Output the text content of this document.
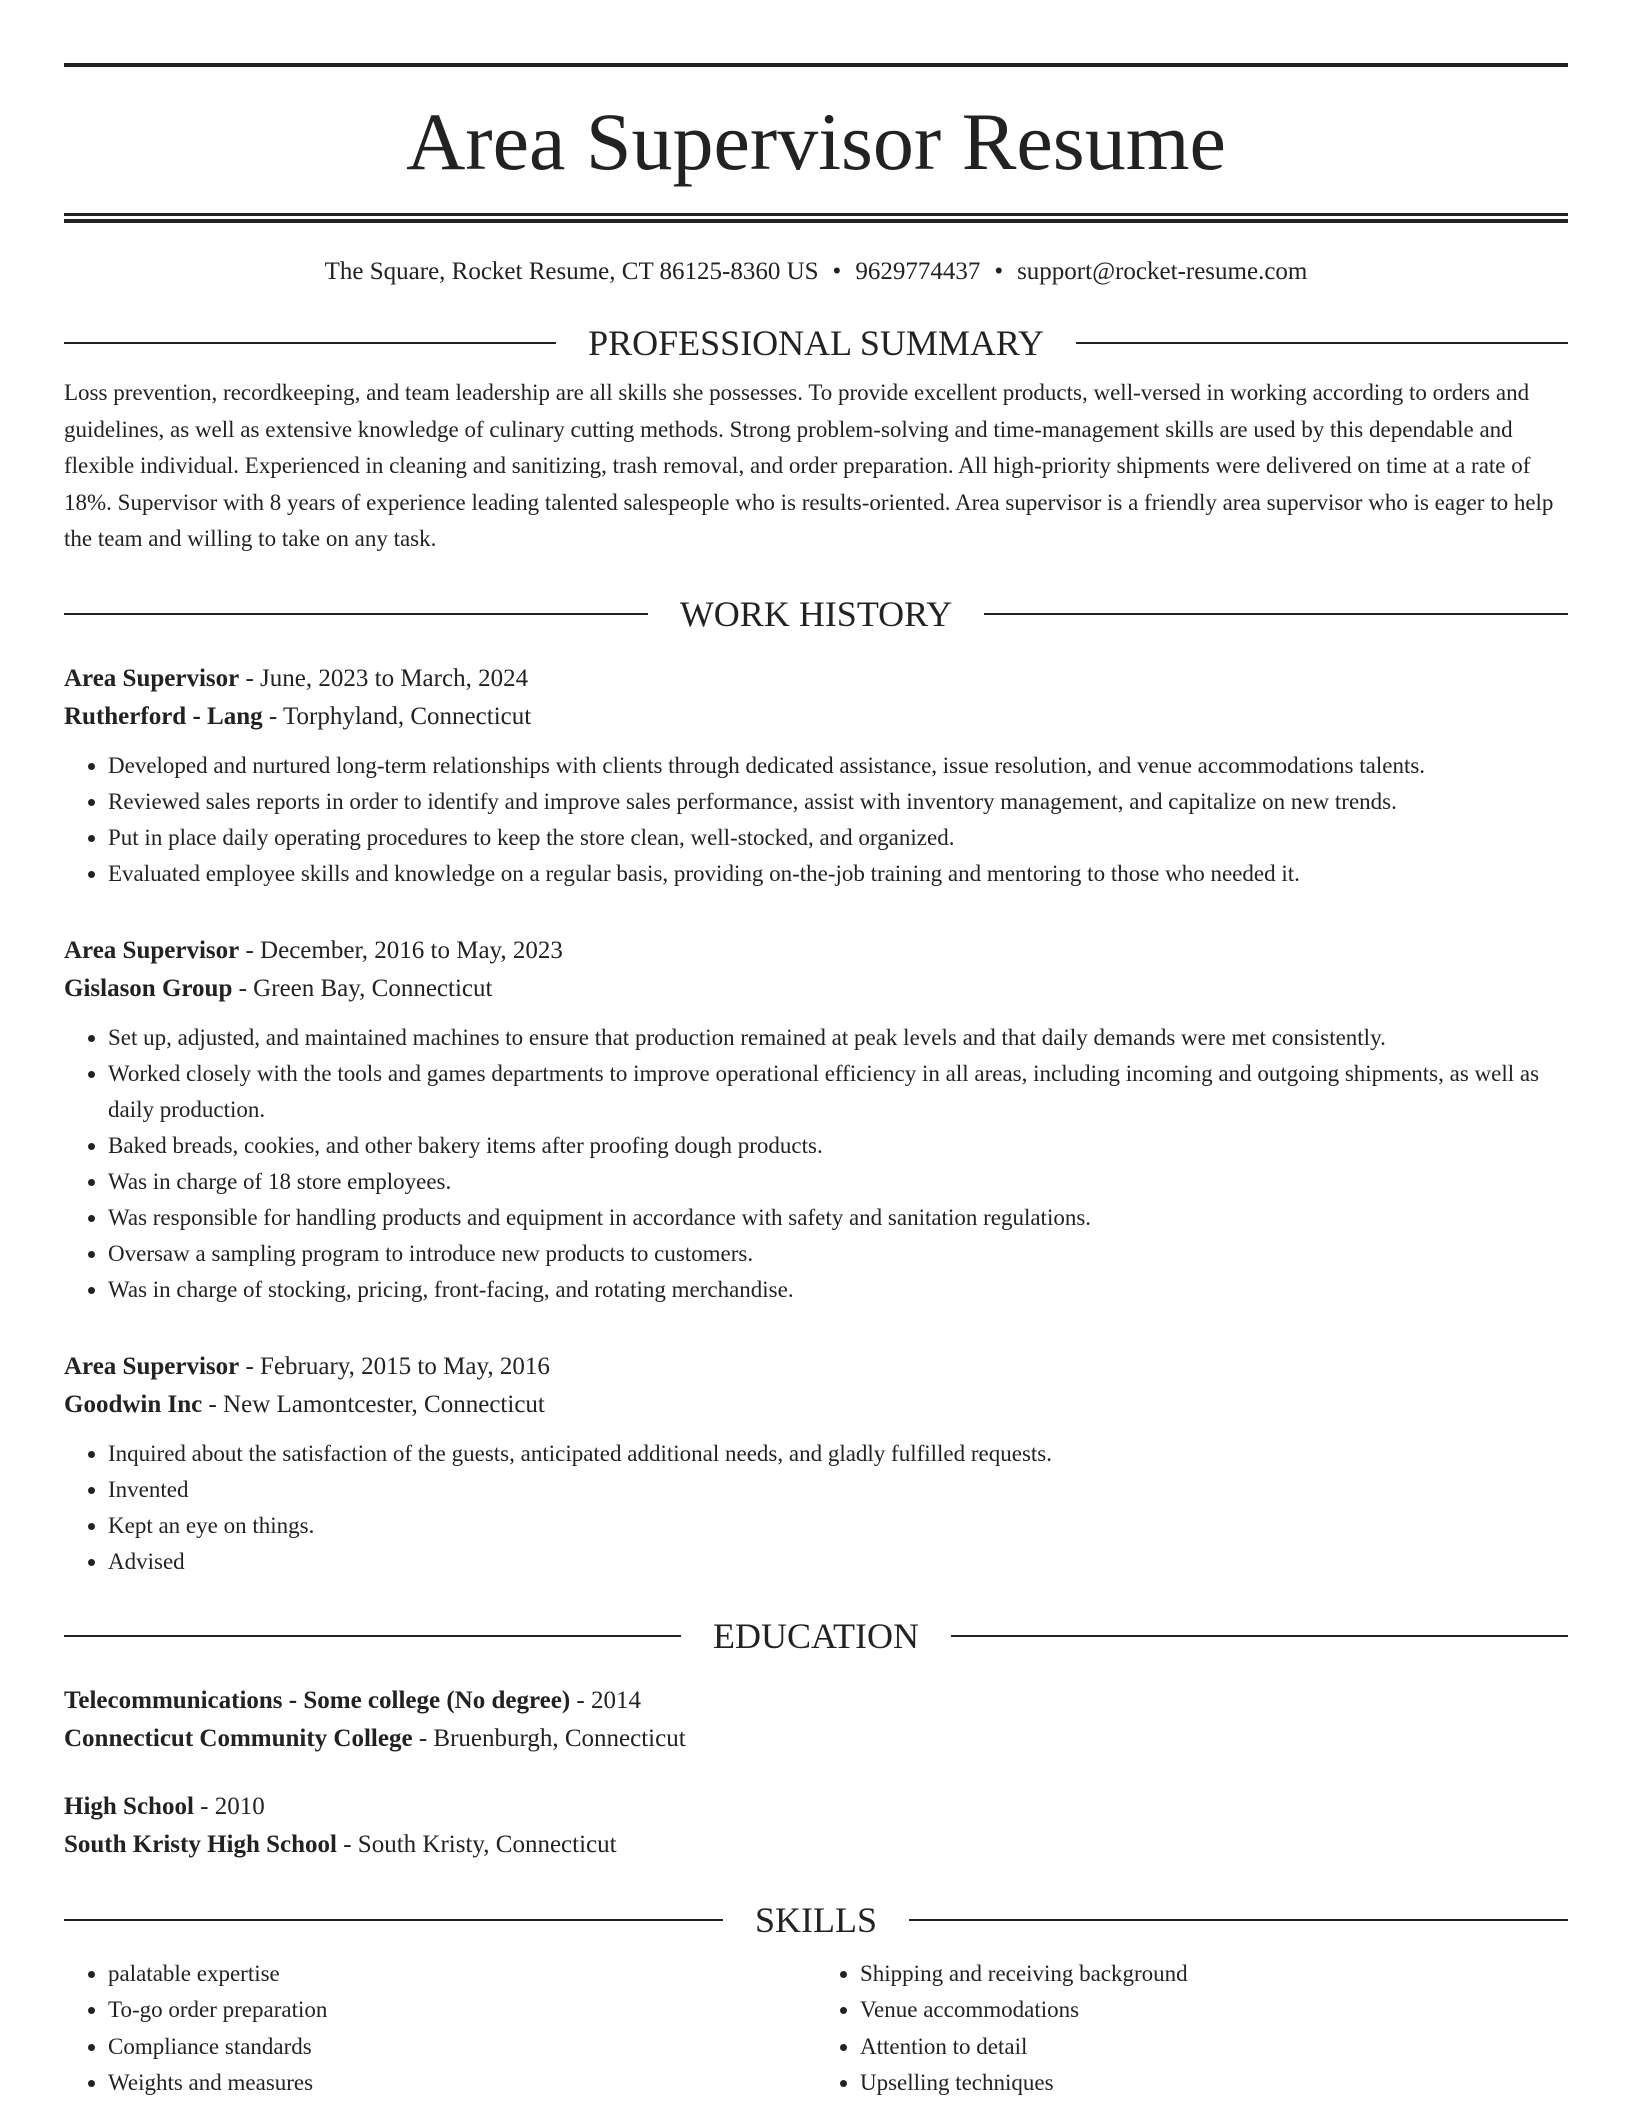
Area Supervisor Resume
The Square, Rocket Resume, CT 86125-8360 US • 9629774437 • support@rocket-resume.com
PROFESSIONAL SUMMARY
Loss prevention, recordkeeping, and team leadership are all skills she possesses. To provide excellent products, well-versed in working according to orders and guidelines, as well as extensive knowledge of culinary cutting methods. Strong problem-solving and time-management skills are used by this dependable and flexible individual. Experienced in cleaning and sanitizing, trash removal, and order preparation. All high-priority shipments were delivered on time at a rate of 18%. Supervisor with 8 years of experience leading talented salespeople who is results-oriented. Area supervisor is a friendly area supervisor who is eager to help the team and willing to take on any task.
WORK HISTORY
Area Supervisor - June, 2023 to March, 2024
Rutherford - Lang - Torphyland, Connecticut
• Developed and nurtured long-term relationships with clients through dedicated assistance, issue resolution, and venue accommodations talents.
• Reviewed sales reports in order to identify and improve sales performance, assist with inventory management, and capitalize on new trends.
• Put in place daily operating procedures to keep the store clean, well-stocked, and organized.
• Evaluated employee skills and knowledge on a regular basis, providing on-the-job training and mentoring to those who needed it.
Area Supervisor - December, 2016 to May, 2023
Gislason Group - Green Bay, Connecticut
• Set up, adjusted, and maintained machines to ensure that production remained at peak levels and that daily demands were met consistently.
• Worked closely with the tools and games departments to improve operational efficiency in all areas, including incoming and outgoing shipments, as well as daily production.
• Baked breads, cookies, and other bakery items after proofing dough products.
• Was in charge of 18 store employees.
• Was responsible for handling products and equipment in accordance with safety and sanitation regulations.
• Oversaw a sampling program to introduce new products to customers.
• Was in charge of stocking, pricing, front-facing, and rotating merchandise.
Area Supervisor - February, 2015 to May, 2016
Goodwin Inc - New Lamontcester, Connecticut
• Inquired about the satisfaction of the guests, anticipated additional needs, and gladly fulfilled requests.
• Invented
• Kept an eye on things.
• Advised
EDUCATION
Telecommunications - Some college (No degree) - 2014
Connecticut Community College - Bruenburgh, Connecticut
High School - 2010
South Kristy High School - South Kristy, Connecticut
SKILLS
• palatable expertise
• To-go order preparation
• Compliance standards
• Weights and measures
• Shipping and receiving background
• Venue accommodations
• Attention to detail
• Upselling techniques
